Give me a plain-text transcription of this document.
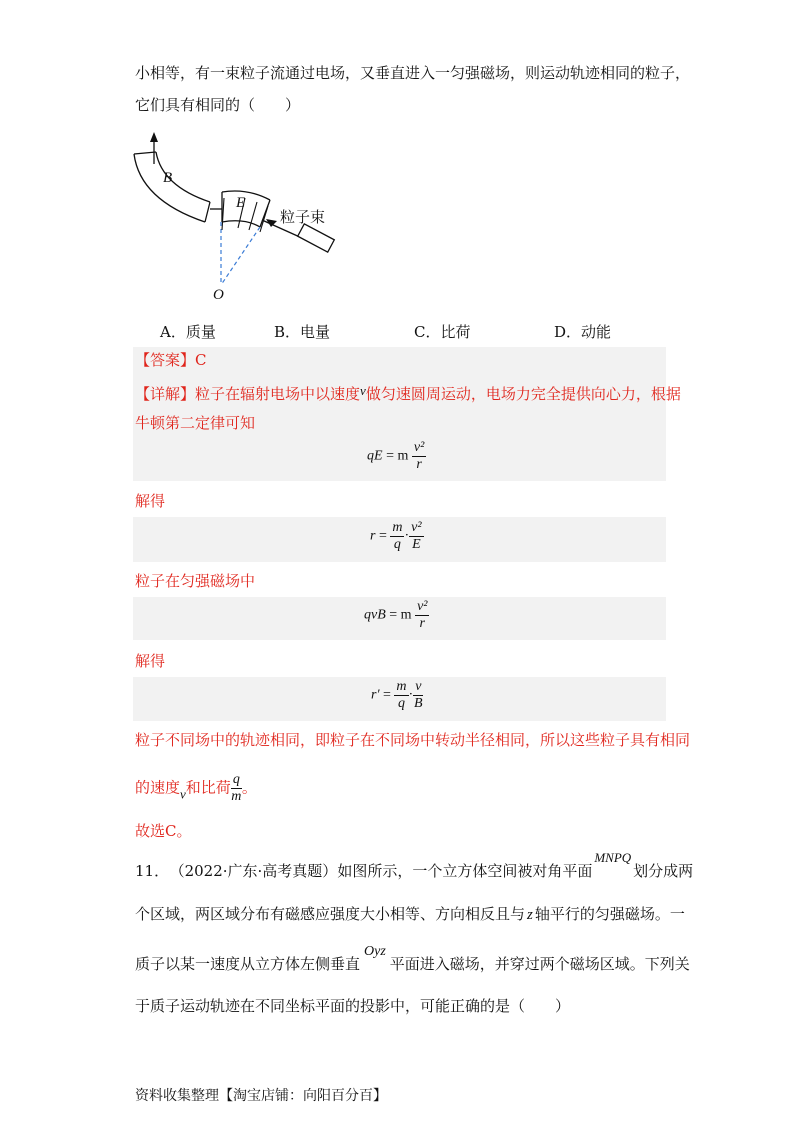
小相等，有一束粒子流通过电场，又垂直进入一匀强磁场，则运动轨迹相同的粒子，
它们具有相同的（　　）
B
E
O
粒子束
A．质量	B．电量	C．比荷	D．动能
【答案】C
【详解】粒子在辐射电场中以速度v做匀速圆周运动，电场力完全提供向心力，根据
牛顿第二定律可知
qE = m $\frac{\text{v²}}{r}$
解得
$r = \frac{m}{q} \cdot \frac{\text{v²}}{E}$
粒子在匀强磁场中
qvB = m $\frac{\text{v²}}{r}$
解得
$r' = \frac{m}{q} \cdot \frac{v}{B}$
粒子不同场中的轨迹相同，即粒子在不同场中转动半径相同，所以这些粒子具有相同
的速度v和比荷 $\frac{q}{m}$ 。
故选C。
11． （2022·广东·高考真题）如图所示，一个立方体空间被对角平面MNPQ划分成两
个区域，两区域分布有磁感应强度大小相等、方向相反且与 z 轴平行的匀强磁场。一
质子以某一速度从立方体左侧垂直Oyz平面进入磁场，并穿过两个磁场区域。下列关
于质子运动轨迹在不同坐标平面的投影中，可能正确的是（　　）
资料收集整理【淘宝店铺：向阳百分百】
